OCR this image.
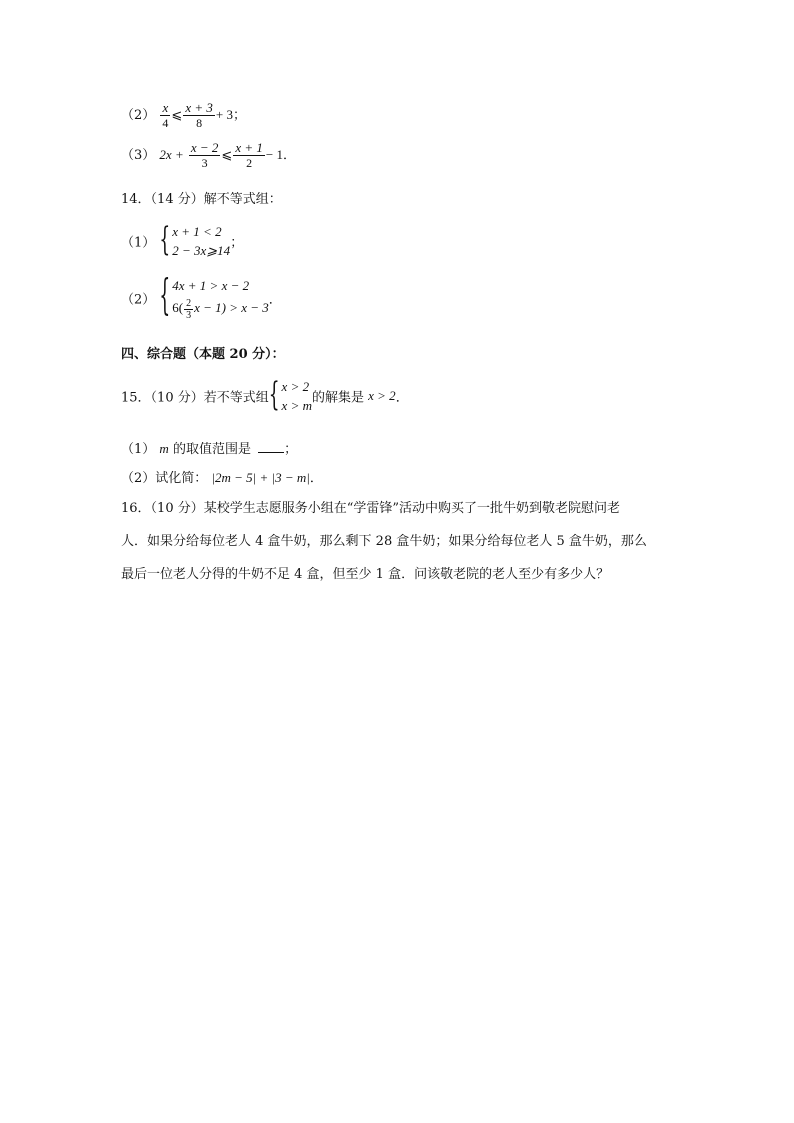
$(2) \frac{x}{4}$ ⩽ $\frac{x + 3}{8} + 3$；
（3） $2x + \frac{x - 2}{3}$ ⩽ $\frac{x + 1}{2} - 1$．
14．（14 分）解不等式组：
（1） { x + 1 < 2
2 − 3x⩾14 ；
（2） { 4x + 1 > x − 2
$6( \frac{2}{3}$ x − 1) > x − 3
．
四、综合题（本题 20 分）：
15．（10 分）若不等式组 { x > 2
x > m 的解集是 x > 2．
（1） m 的取值范围是	；
（2）试化简： |2m − 5| + |3 − m|．
16．（10 分）某校学生志愿服务小组在“学雷锋”活动中购买了一批牛奶到敬老院慰问老
人．如果分给每位老人 4 盒牛奶，那么剩下 28 盒牛奶；如果分给每位老人 5 盒牛奶，那么
最后一位老人分得的牛奶不足 4 盒，但至少 1 盒．问该敬老院的老人至少有多少人？
